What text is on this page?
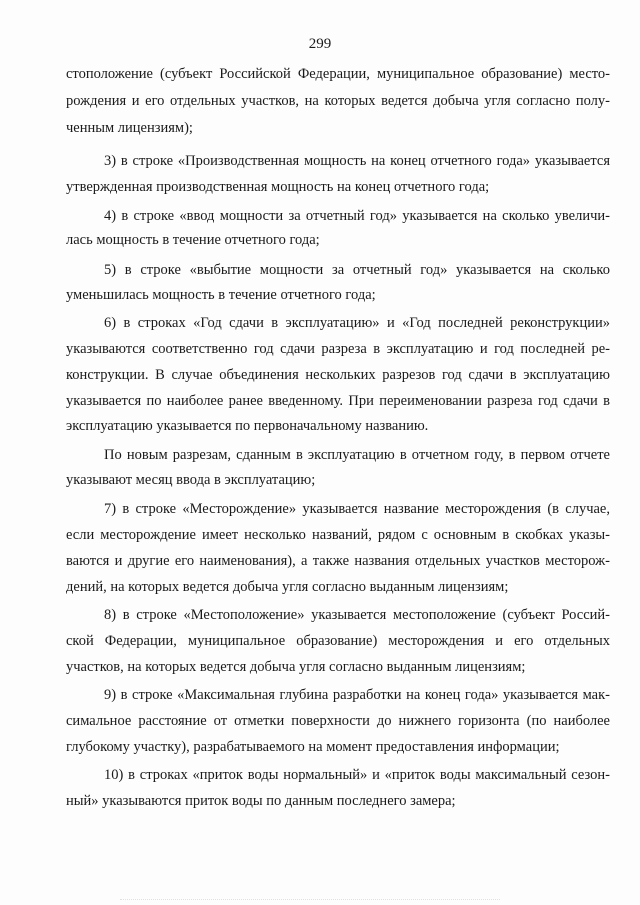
299
стоположение (субъект Российской Федерации, муниципальное образование) место-
рождения и его отдельных участков, на которых ведется добыча угля согласно полу-
ченным лицензиям);
3) в строке «Производственная мощность на конец отчетного года» указывается
утвержденная производственная мощность на конец отчетного года;
4) в строке «ввод мощности за отчетный год» указывается на сколько увеличи-
лась мощность в течение отчетного года;
5) в строке «выбытие мощности за отчетный год» указывается на сколько
уменьшилась мощность в течение отчетного года;
6) в строках «Год сдачи в эксплуатацию» и «Год последней реконструкции»
указываются соответственно год сдачи разреза в эксплуатацию и год последней ре-
конструкции. В случае объединения нескольких разрезов год сдачи в эксплуатацию
указывается по наиболее ранее введенному. При переименовании разреза год сдачи в
эксплуатацию указывается по первоначальному названию.
По новым разрезам, сданным в эксплуатацию в отчетном году, в первом отчете
указывают месяц ввода в эксплуатацию;
7) в строке «Месторождение» указывается название месторождения (в случае,
если месторождение имеет несколько названий, рядом с основным в скобках указы-
ваются и другие его наименования), а также названия отдельных участков месторож-
дений, на которых ведется добыча угля согласно выданным лицензиям;
8) в строке «Местоположение» указывается местоположение (субъект Россий-
ской Федерации, муниципальное образование) месторождения и его отдельных
участков, на которых ведется добыча угля согласно выданным лицензиям;
9) в строке «Максимальная глубина разработки на конец года» указывается мак-
симальное расстояние от отметки поверхности до нижнего горизонта (по наиболее
глубокому участку), разрабатываемого на момент предоставления информации;
10) в строках «приток воды нормальный» и «приток воды максимальный сезон-
ный» указываются приток воды по данным последнего замера;
